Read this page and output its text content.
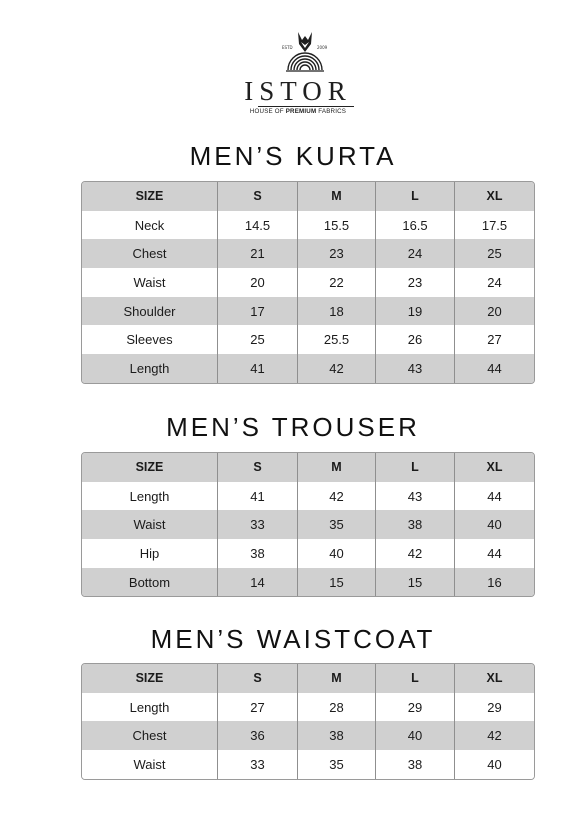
ESTD	2009
ISTOR
HOUSE OF PREMIUM FABRICS
MEN’S KURTA
SIZE	S	M	L	XL
Neck	14.5	15.5	16.5	17.5
Chest	21	23	24	25
Waist	20	22	23	24
Shoulder	17	18	19	20
Sleeves	25	25.5	26	27
Length	41	42	43	44
MEN’S TROUSER
SIZE	S	M	L	XL
Length	41	42	43	44
Waist	33	35	38	40
Hip	38	40	42	44
Bottom	14	15	15	16
MEN’S WAISTCOAT
SIZE	S	M	L	XL
Length	27	28	29	29
Chest	36	38	40	42
Waist	33	35	38	40
